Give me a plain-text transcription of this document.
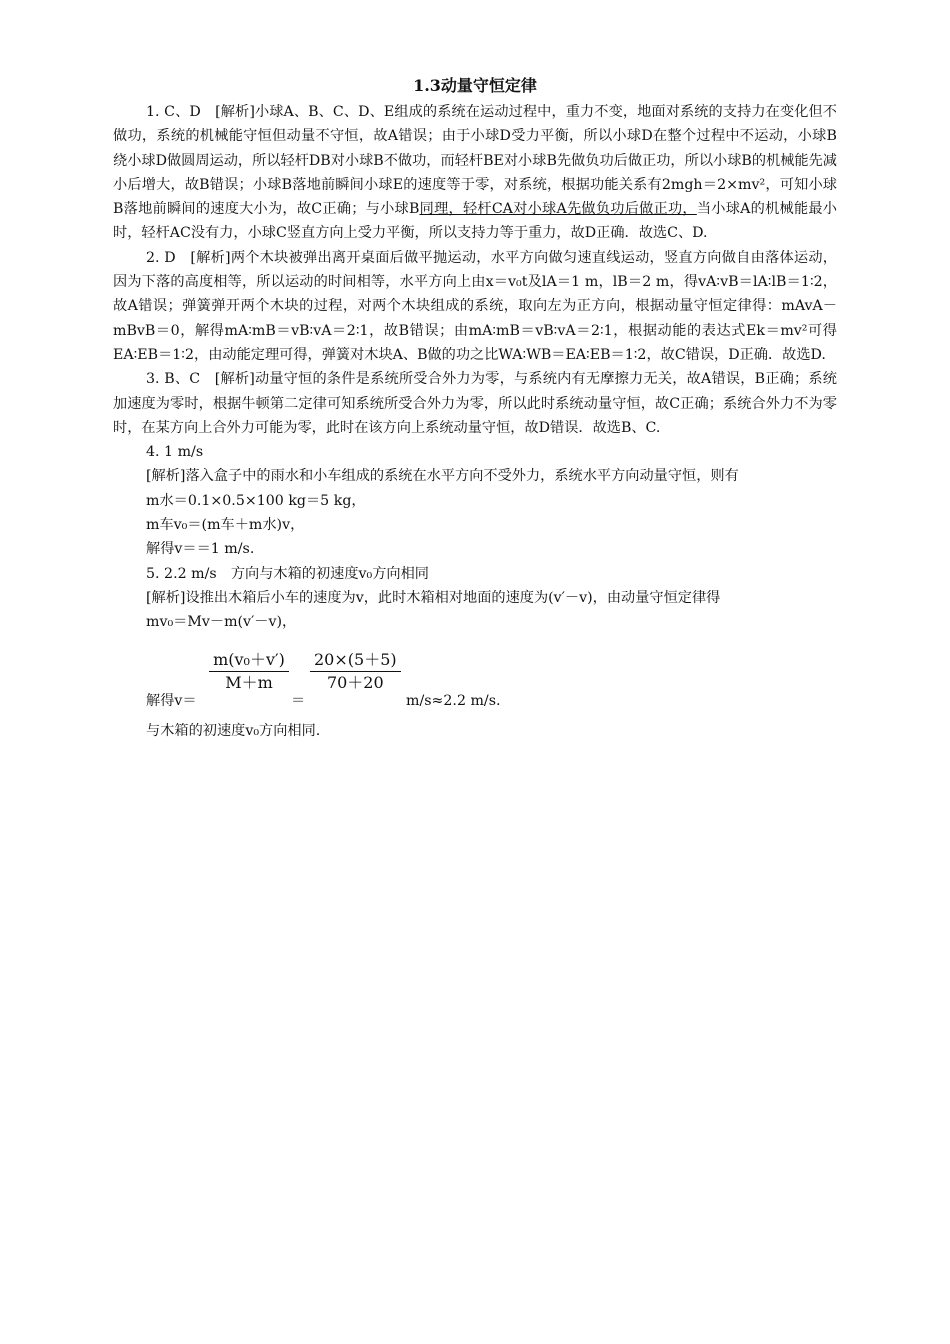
1.3动量守恒定律

1. C、D　[解析]小球A、B、C、D、E组成的系统在运动过程中，重力不变，地面对系统的支持力在变化但不做功，系统的机械能守恒但动量不守恒，故A错误；由于小球D受力平衡，所以小球D在整个过程中不运动，小球B绕小球D做圆周运动，所以轻杆DB对小球B不做功，而轻杆BE对小球B先做负功后做正功，所以小球B的机械能先减小后增大，故B错误；小球B落地前瞬间小球E的速度等于零，对系统，根据功能关系有2mgh＝2×mv²，可知小球B落地前瞬间的速度大小为，故C正确；与小球B同理，轻杆CA对小球A先做负功后做正功，当小球A的机械能最小时，轻杆AC没有力，小球C竖直方向上受力平衡，所以支持力等于重力，故D正确．故选C、D.

2. D　[解析]两个木块被弹出离开桌面后做平抛运动，水平方向做匀速直线运动，竖直方向做自由落体运动，因为下落的高度相等，所以运动的时间相等，水平方向上由x＝v₀t及lA＝1 m，lB＝2 m，得vA∶vB＝lA∶lB＝1∶2，故A错误；弹簧弹开两个木块的过程，对两个木块组成的系统，取向左为正方向，根据动量守恒定律得：mAvA－mBvB＝0，解得mA∶mB＝vB∶vA＝2∶1，故B错误；由mA∶mB＝vB∶vA＝2∶1，根据动能的表达式Ek＝mv²可得EA∶EB＝1∶2，由动能定理可得，弹簧对木块A、B做的功之比WA∶WB＝EA∶EB＝1∶2，故C错误，D正确．故选D.

3. B、C　[解析]动量守恒的条件是系统所受合外力为零，与系统内有无摩擦力无关，故A错误，B正确；系统加速度为零时，根据牛顿第二定律可知系统所受合外力为零，所以此时系统动量守恒，故C正确；系统合外力不为零时，在某方向上合外力可能为零，此时在该方向上系统动量守恒，故D错误．故选B、C.

4. 1 m/s

[解析]落入盒子中的雨水和小车组成的系统在水平方向不受外力，系统水平方向动量守恒，则有

m水＝0.1×0.5×100 kg＝5 kg，

m车v₀＝(m车＋m水)v，

解得v＝＝1 m/s.

5. 2.2 m/s　方向与木箱的初速度v₀方向相同

[解析]设推出木箱后小车的速度为v，此时木箱相对地面的速度为(v′－v)，由动量守恒定律得

mv₀＝Mv－m(v′－v)，

解得v＝
$\frac{\text{m(v₀＋v′)}}{M+m}$
＝
$\frac{20\times(5+5)}{70+20}$
m/s≈2.2 m/s.

与木箱的初速度v₀方向相同.
